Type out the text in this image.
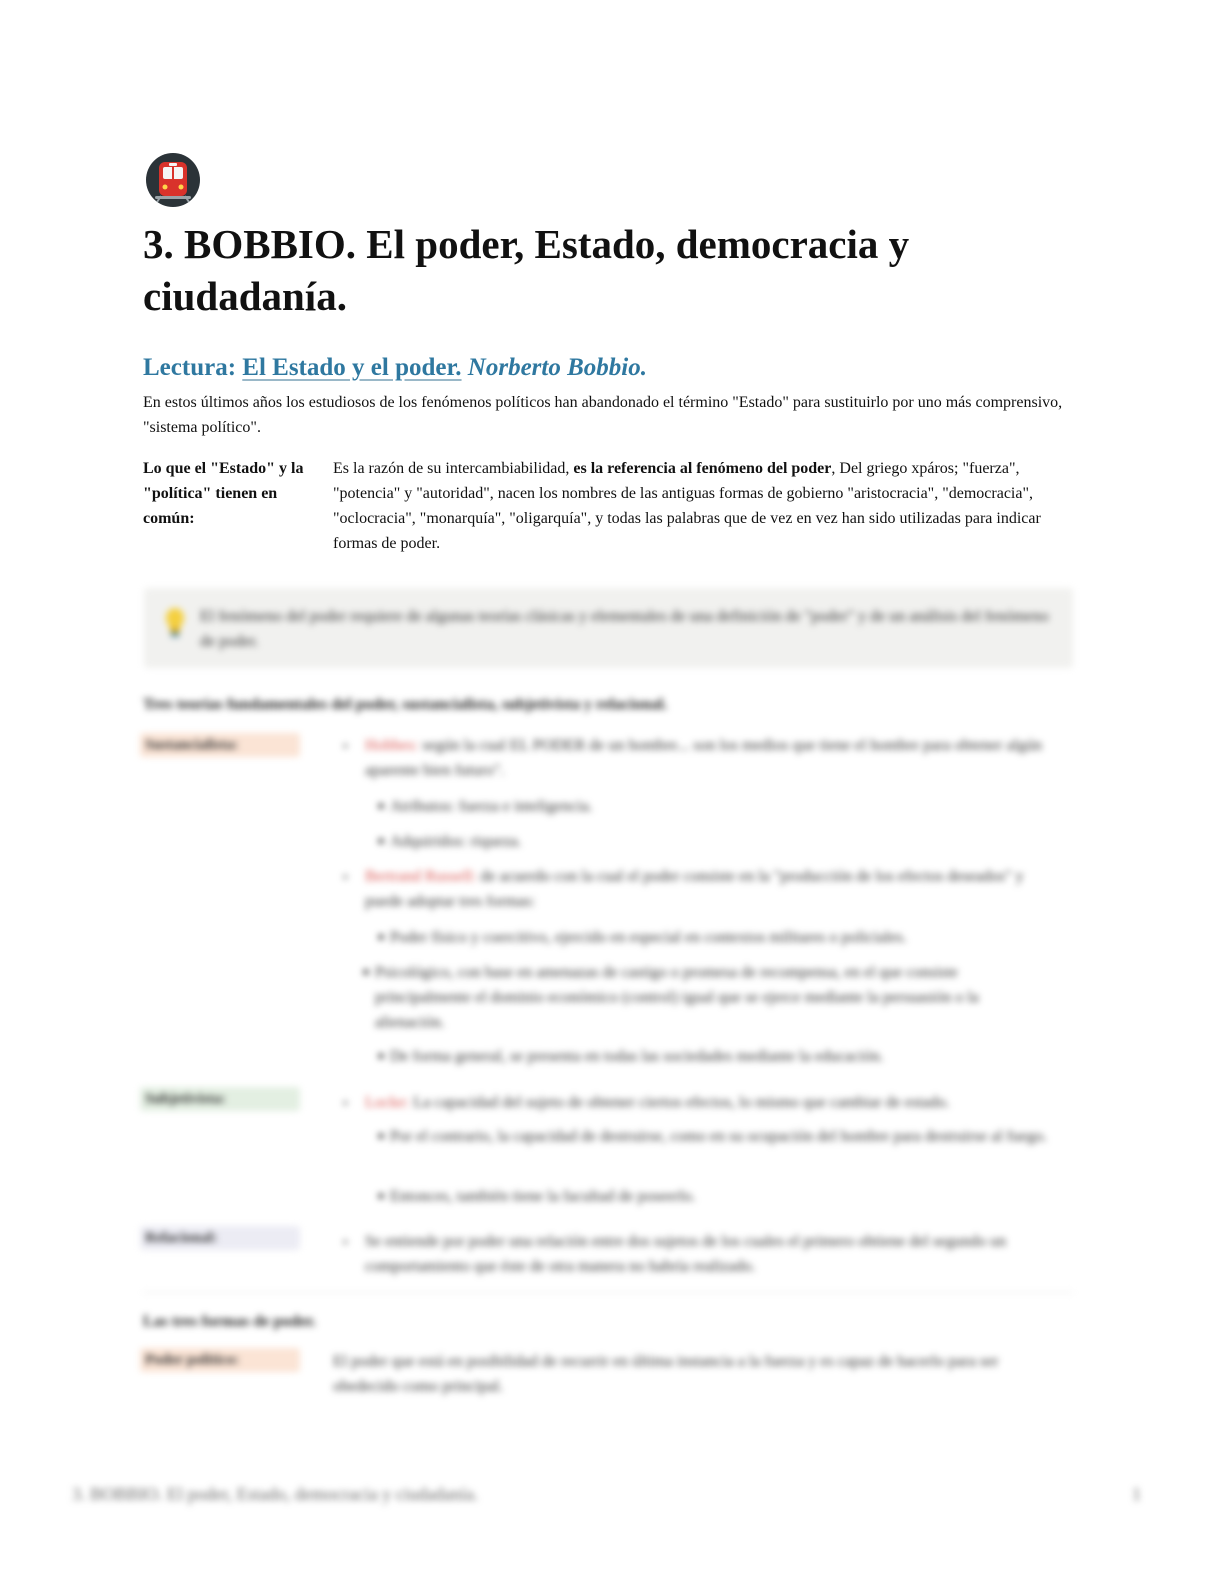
3. BOBBIO. El poder, Estado, democracia y ciudadanía.
Lectura: El Estado y el poder. Norberto Bobbio.

En estos últimos años los estudiosos de los fenómenos políticos han abandonado el término "Estado" para sustituirlo por uno más comprensivo, "sistema político".

Lo que el "Estado" y la "política" tienen en común:
Es la razón de su intercambiabilidad, es la referencia al fenómeno del poder, Del griego xpáros; "fuerza", "potencia" y "autoridad", nacen los nombres de las antiguas formas de gobierno "aristocracia", "democracia", "oclocracia", "monarquía", "oligarquía", y todas las palabras que de vez en vez han sido utilizadas para indicar formas de poder.
El fenómeno del poder requiere de algunas teorías clásicas y elementales de una definición de "poder" y de un análisis del fenómeno de poder.
Tres teorías fundamentales del poder, sustancialista, subjetivista y relacional.
Sustancialista:	▪ Hobbes: según la cual EL PODER de un hombre... son los medios que tiene el hombre para obtener algún aparente bien futuro".
■ Atributos: fuerza e inteligencia.
■ Adquiridos: riqueza.
▪ Bertrand Russell: de acuerdo con la cual el poder consiste en la "producción de los efectos deseados" y puede adoptar tres formas:
■ Poder físico y coercitivo, ejercido en especial en contextos militares o policiales.
■ Psicológico, con base en amenazas de castigo o promesa de recompensa, en el que consiste principalmente el dominio económico (control) igual que se ejerce mediante la persuasión o la alienación.
■ De forma general, se presenta en todas las sociedades mediante la educación.
Subjetivista:	▪ Locke: La capacidad del sujeto de obtener ciertos efectos, lo mismo que cambiar de estado.
■ Por el contrario, la capacidad de destruirse, como en su ocupación del hombre para destruirse al fuego.
■ Entonces, también tiene la facultad de poseerlo.
Relacional:	▪ Se entiende por poder una relación entre dos sujetos de los cuales el primero obtiene del segundo un comportamiento que éste de otra manera no habría realizado.
Las tres formas de poder.
Poder político:	El poder que está en posibilidad de recurrir en última instancia a la fuerza y es capaz de hacerlo para ser obedecido como principal.
3. BOBBIO. El poder, Estado, democracia y ciudadanía.	1
